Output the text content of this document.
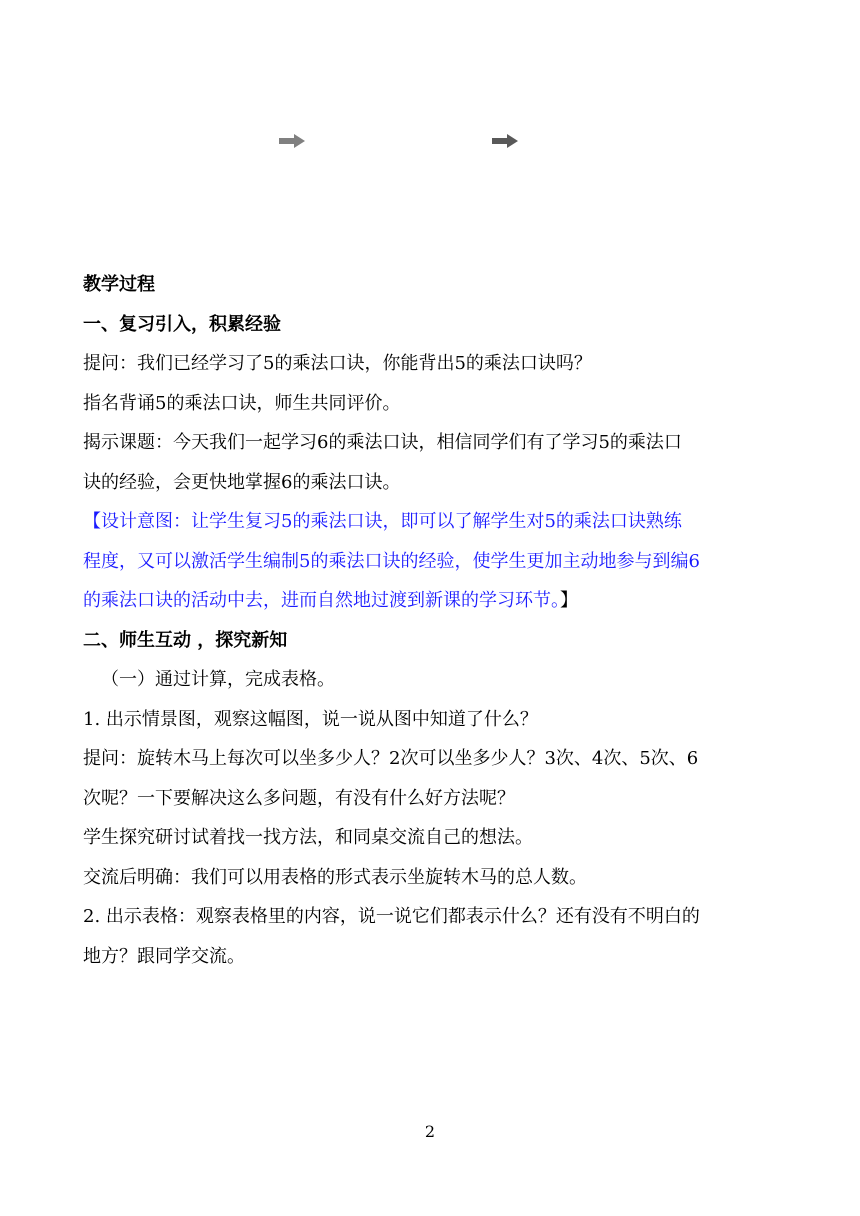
教学过程

一、复习引入，积累经验

提问：我们已经学习了5的乘法口诀，你能背出5的乘法口诀吗？

指名背诵5的乘法口诀，师生共同评价。

揭示课题：今天我们一起学习6的乘法口诀，相信同学们有了学习5的乘法口
诀的经验，会更快地掌握6的乘法口诀。

【设计意图：让学生复习5的乘法口诀，即可以了解学生对5的乘法口诀熟练
程度，又可以激活学生编制5的乘法口诀的经验，使学生更加主动地参与到编6
的乘法口诀的活动中去，进而自然地过渡到新课的学习环节。】

二、师生互动 ，探究新知

（一）通过计算，完成表格。

1. 出示情景图，观察这幅图，说一说从图中知道了什么？

提问：旋转木马上每次可以坐多少人？2次可以坐多少人？3次、4次、5次、6
次呢？一下要解决这么多问题，有没有什么好方法呢？

学生探究研讨试着找一找方法，和同桌交流自己的想法。

交流后明确：我们可以用表格的形式表示坐旋转木马的总人数。

2. 出示表格：观察表格里的内容，说一说它们都表示什么？还有没有不明白的
地方？跟同学交流。

2
